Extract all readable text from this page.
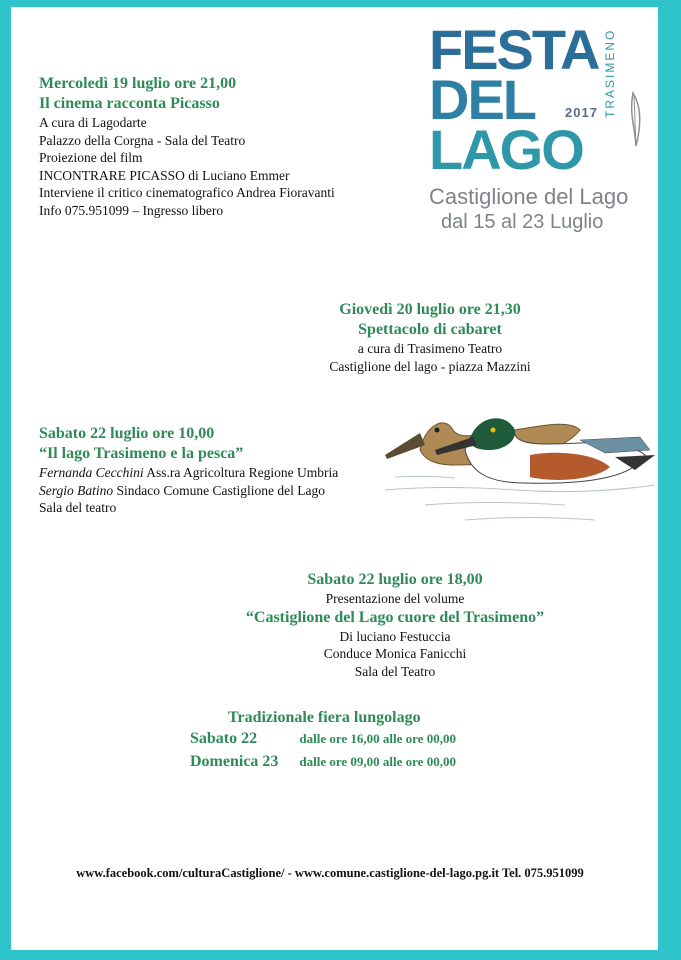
FESTA
DEL
LAGO
2017 TRASIMENO
Castiglione del Lago
dal 15 al 23 Luglio
Mercoledì 19 luglio ore 21,00
Il cinema racconta Picasso
A cura di Lagodarte
Palazzo della Corgna - Sala del Teatro
Proiezione del film
INCONTRARE PICASSO di Luciano Emmer
Interviene il critico cinematografico Andrea Fioravanti
Info 075.951099 – Ingresso libero
Giovedì 20 luglio ore 21,30
Spettacolo di cabaret
a cura di Trasimeno Teatro
Castiglione del lago - piazza Mazzini
Sabato 22 luglio ore 10,00
“Il lago Trasimeno e la pesca”
Fernanda Cecchini Ass.ra Agricoltura Regione Umbria
Sergio Batino Sindaco Comune Castiglione del Lago
Sala del teatro
Sabato 22 luglio ore 18,00
Presentazione del volume
“Castiglione del Lago cuore del Trasimeno”
Di luciano Festuccia
Conduce Monica Fanicchi
Sala del Teatro
Tradizionale fiera lungolago
Sabato 22	dalle ore 16,00 alle ore 00,00
Domenica 23 dalle ore 09,00 alle ore 00,00
www.facebook.com/culturaCastiglione/ - www.comune.castiglione-del-lago.pg.it Tel. 075.951099
